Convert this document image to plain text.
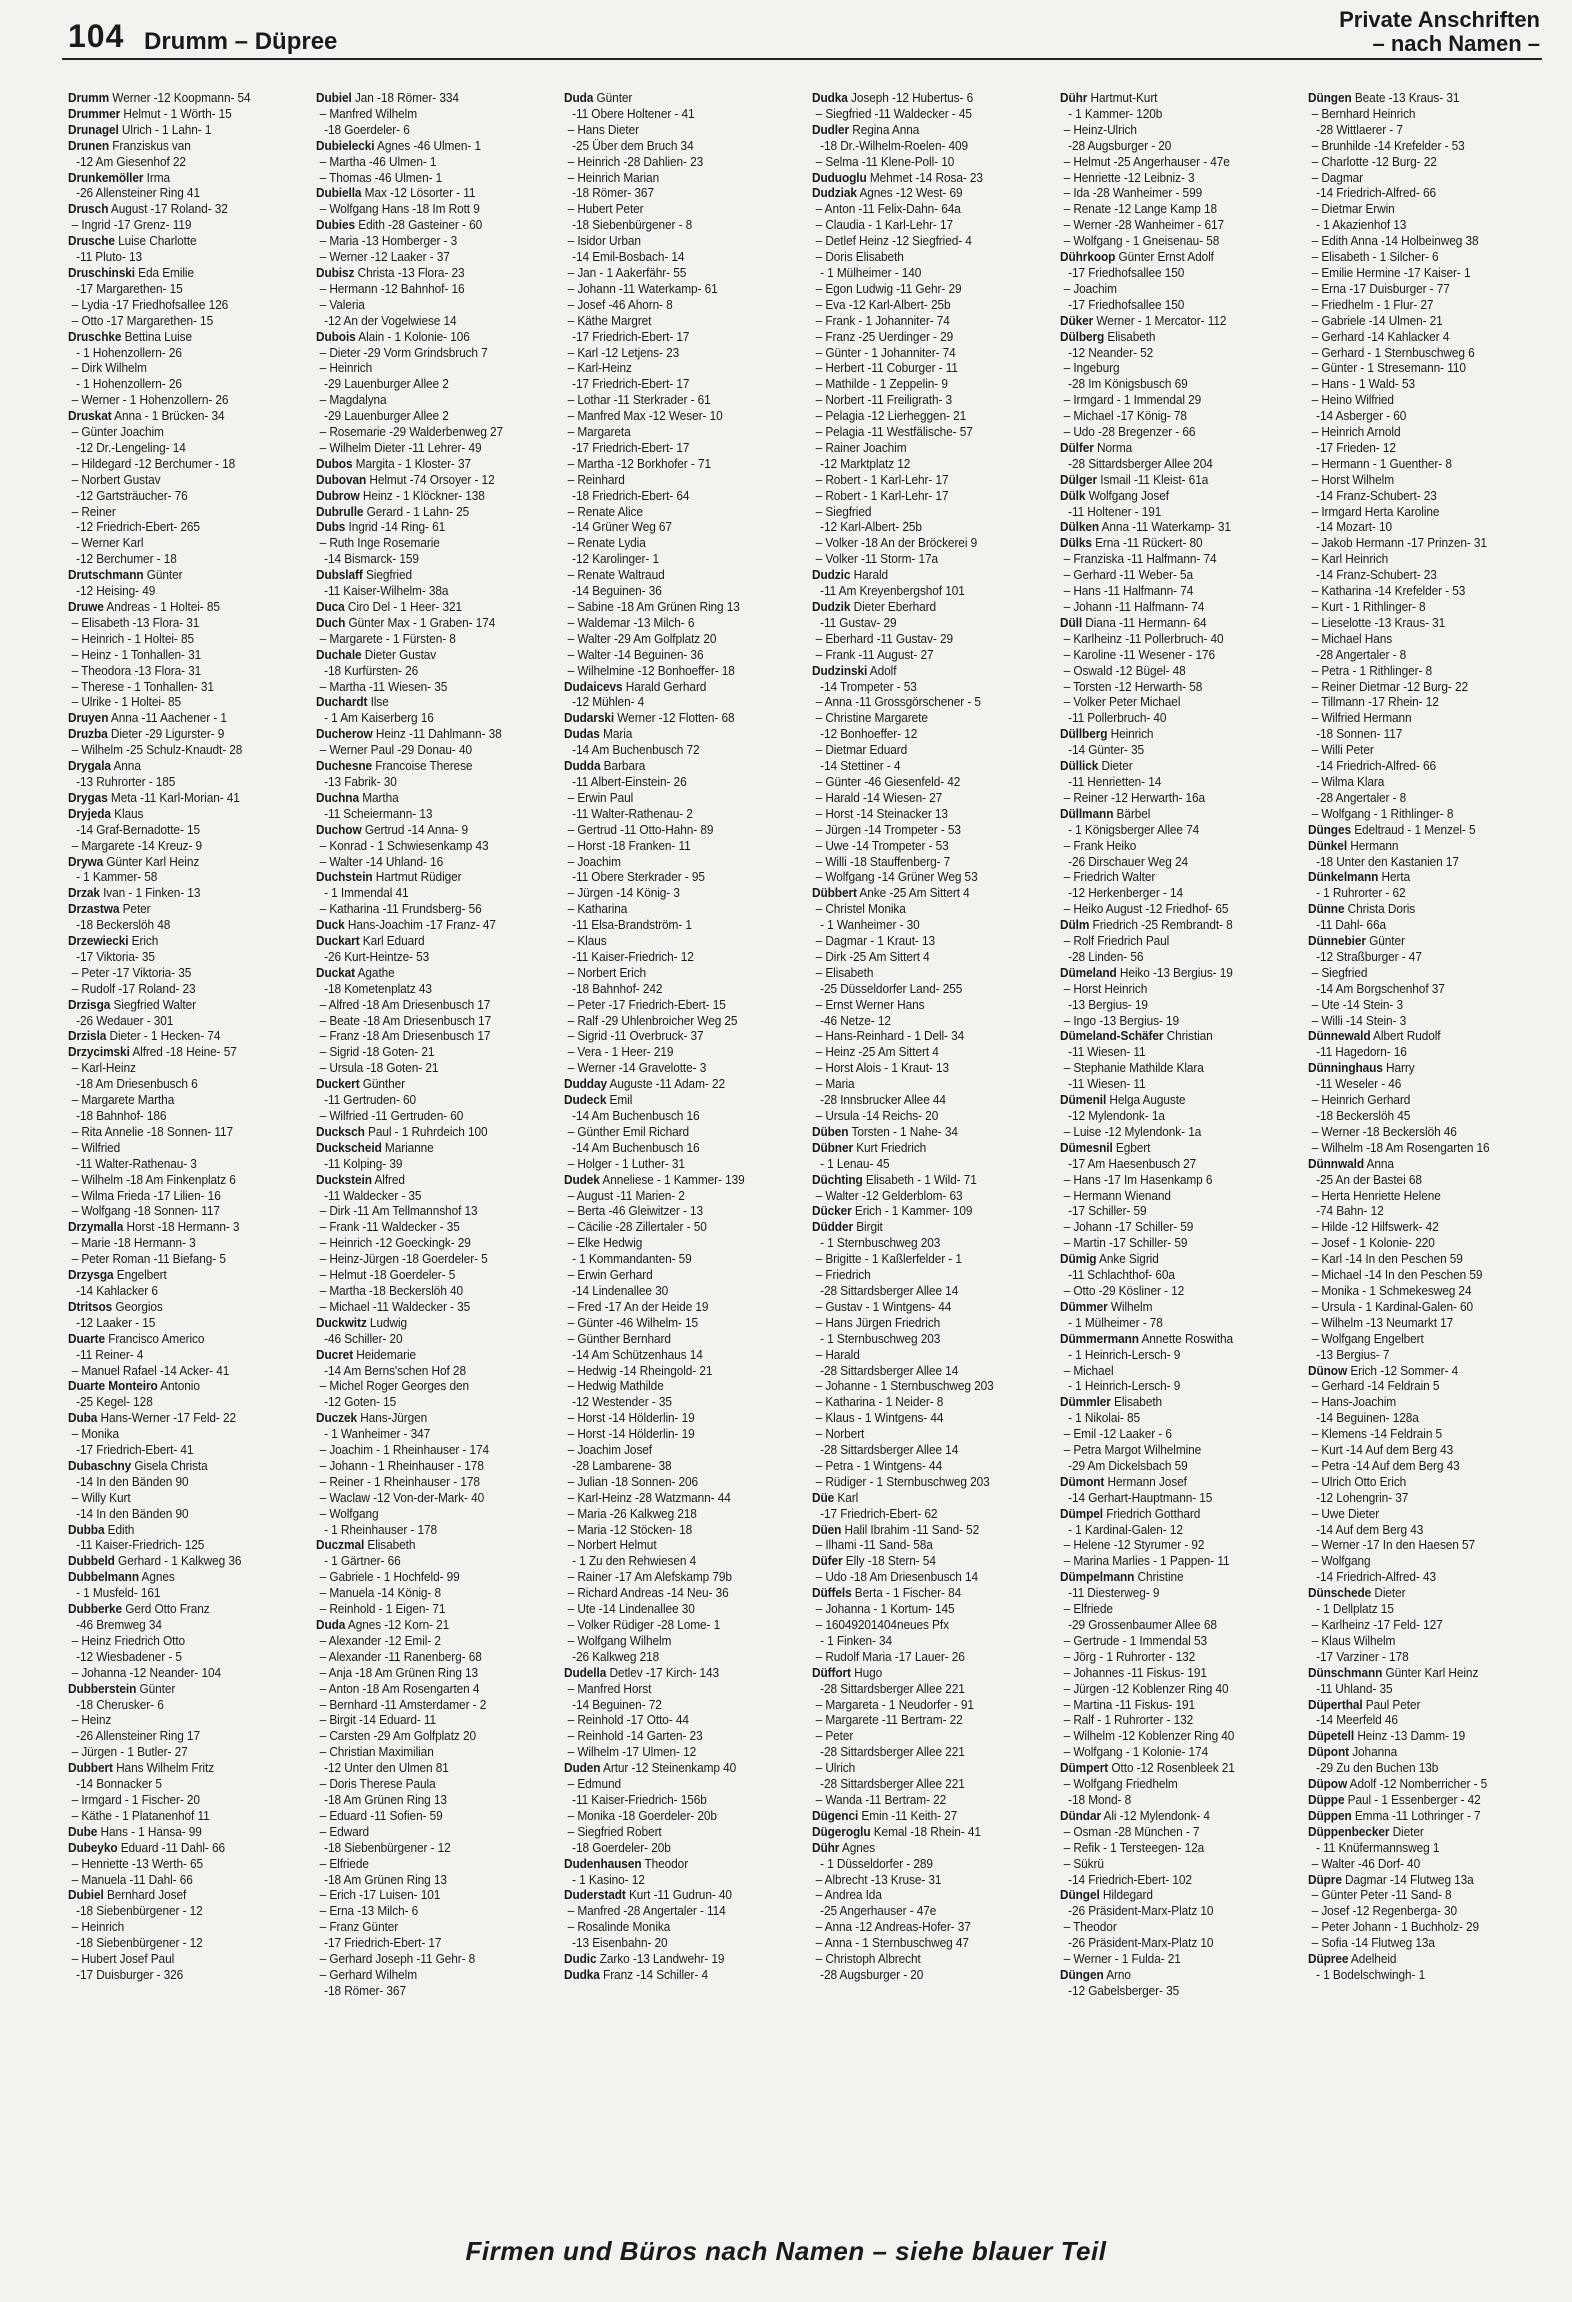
104 Drumm – Düpree
Private Anschriften
– nach Namen –
Drumm Werner -12 Koopmann- 54
Drummer Helmut - 1 Wörth- 15
Drunagel Ulrich - 1 Lahn- 1
Drunen Franziskus van
-12 Am Giesenhof 22
Drunkemöller Irma
-26 Allensteiner Ring 41
Drusch August -17 Roland- 32
– Ingrid -17 Grenz- 119
Drusche Luise Charlotte
-11 Pluto- 13
Druschinski Eda Emilie
-17 Margarethen- 15
– Lydia -17 Friedhofsallee 126
– Otto -17 Margarethen- 15
Druschke Bettina Luise
- 1 Hohenzollern- 26
– Dirk Wilhelm
- 1 Hohenzollern- 26
– Werner - 1 Hohenzollern- 26
Druskat Anna - 1 Brücken- 34
– Günter Joachim
-12 Dr.-Lengeling- 14
– Hildegard -12 Berchumer - 18
– Norbert Gustav
-12 Gartsträucher- 76
– Reiner
-12 Friedrich-Ebert- 265
– Werner Karl
-12 Berchumer - 18
Drutschmann Günter
-12 Heising- 49
Druwe Andreas - 1 Holtei- 85
– Elisabeth -13 Flora- 31
– Heinrich - 1 Holtei- 85
– Heinz - 1 Tonhallen- 31
– Theodora -13 Flora- 31
– Therese - 1 Tonhallen- 31
– Ulrike - 1 Holtei- 85
Druyen Anna -11 Aachener - 1
Druzba Dieter -29 Ligurster- 9
– Wilhelm -25 Schulz-Knaudt- 28
Drygala Anna
-13 Ruhrorter - 185
Drygas Meta -11 Karl-Morian- 41
Dryjeda Klaus
-14 Graf-Bernadotte- 15
– Margarete -14 Kreuz- 9
Drywa Günter Karl Heinz
- 1 Kammer- 58
Drzak Ivan - 1 Finken- 13
Drzastwa Peter
-18 Beckerslöh 48
Drzewiecki Erich
-17 Viktoria- 35
– Peter -17 Viktoria- 35
– Rudolf -17 Roland- 23
Drzisga Siegfried Walter
-26 Wedauer - 301
Drzisla Dieter - 1 Hecken- 74
Drzycimski Alfred -18 Heine- 57
– Karl-Heinz
-18 Am Driesenbusch 6
– Margarete Martha
-18 Bahnhof- 186
– Rita Annelie -18 Sonnen- 117
– Wilfried
-11 Walter-Rathenau- 3
– Wilhelm -18 Am Finkenplatz 6
– Wilma Frieda -17 Lilien- 16
– Wolfgang -18 Sonnen- 117
Drzymalla Horst -18 Hermann- 3
– Marie -18 Hermann- 3
– Peter Roman -11 Biefang- 5
Drzysga Engelbert
-14 Kahlacker 6
Dtritsos Georgios
-12 Laaker - 15
Duarte Francisco Americo
-11 Reiner- 4
– Manuel Rafael -14 Acker- 41
Duarte Monteiro Antonio
-25 Kegel- 128
Duba Hans-Werner -17 Feld- 22
– Monika
-17 Friedrich-Ebert- 41
Dubaschny Gisela Christa
-14 In den Bänden 90
– Willy Kurt
-14 In den Bänden 90
Dubba Edith
-11 Kaiser-Friedrich- 125
Dubbeld Gerhard - 1 Kalkweg 36
Dubbelmann Agnes
- 1 Musfeld- 161
Dubberke Gerd Otto Franz
-46 Bremweg 34
– Heinz Friedrich Otto
-12 Wiesbadener - 5
– Johanna -12 Neander- 104
Dubberstein Günter
-18 Cherusker- 6
– Heinz
-26 Allensteiner Ring 17
– Jürgen - 1 Butler- 27
Dubbert Hans Wilhelm Fritz
-14 Bonnacker 5
– Irmgard - 1 Fischer- 20
– Käthe - 1 Platanenhof 11
Dube Hans - 1 Hansa- 99
Dubeyko Eduard -11 Dahl- 66
– Henriette -13 Werth- 65
– Manuela -11 Dahl- 66
Dubiel Bernhard Josef
-18 Siebenbürgener - 12
– Heinrich
-18 Siebenbürgener - 12
– Hubert Josef Paul
-17 Duisburger - 326
Dubiel Jan -18 Römer- 334
– Manfred Wilhelm
-18 Goerdeler- 6
Dubielecki Agnes -46 Ulmen- 1
– Martha -46 Ulmen- 1
– Thomas -46 Ulmen- 1
Dubiella Max -12 Lösorter - 11
– Wolfgang Hans -18 Im Rott 9
Dubies Edith -28 Gasteiner - 60
– Maria -13 Homberger - 3
– Werner -12 Laaker - 37
Dubisz Christa -13 Flora- 23
– Hermann -12 Bahnhof- 16
– Valeria
-12 An der Vogelwiese 14
Dubois Alain - 1 Kolonie- 106
– Dieter -29 Vorm Grindsbruch 7
– Heinrich
-29 Lauenburger Allee 2
– Magdalyna
-29 Lauenburger Allee 2
– Rosemarie -29 Walderbenweg 27
– Wilhelm Dieter -11 Lehrer- 49
Dubos Margita - 1 Kloster- 37
Dubovan Helmut -74 Orsoyer - 12
Dubrow Heinz - 1 Klöckner- 138
Dubrulle Gerard - 1 Lahn- 25
Dubs Ingrid -14 Ring- 61
– Ruth Inge Rosemarie
-14 Bismarck- 159
Dubslaff Siegfried
-11 Kaiser-Wilhelm- 38a
Duca Ciro Del - 1 Heer- 321
Duch Günter Max - 1 Graben- 174
– Margarete - 1 Fürsten- 8
Duchale Dieter Gustav
-18 Kurfürsten- 26
– Martha -11 Wiesen- 35
Duchardt Ilse
- 1 Am Kaiserberg 16
Ducherow Heinz -11 Dahlmann- 38
– Werner Paul -29 Donau- 40
Duchesne Francoise Therese
-13 Fabrik- 30
Duchna Martha
-11 Scheiermann- 13
Duchow Gertrud -14 Anna- 9
– Konrad - 1 Schwiesenkamp 43
– Walter -14 Uhland- 16
Duchstein Hartmut Rüdiger
- 1 Immendal 41
– Katharina -11 Frundsberg- 56
Duck Hans-Joachim -17 Franz- 47
Duckart Karl Eduard
-26 Kurt-Heintze- 53
Duckat Agathe
-18 Kometenplatz 43
– Alfred -18 Am Driesenbusch 17
– Beate -18 Am Driesenbusch 17
– Franz -18 Am Driesenbusch 17
– Sigrid -18 Goten- 21
– Ursula -18 Goten- 21
Duckert Günther
-11 Gertruden- 60
– Wilfried -11 Gertruden- 60
Ducksch Paul - 1 Ruhrdeich 100
Duckscheid Marianne
-11 Kolping- 39
Duckstein Alfred
-11 Waldecker - 35
– Dirk -11 Am Tellmannshof 13
– Frank -11 Waldecker - 35
– Heinrich -12 Goeckingk- 29
– Heinz-Jürgen -18 Goerdeler- 5
– Helmut -18 Goerdeler- 5
– Martha -18 Beckerslöh 40
– Michael -11 Waldecker - 35
Duckwitz Ludwig
-46 Schiller- 20
Ducret Heidemarie
-14 Am Berns'schen Hof 28
– Michel Roger Georges den
-12 Goten- 15
Duczek Hans-Jürgen
- 1 Wanheimer - 347
– Joachim - 1 Rheinhauser - 174
– Johann - 1 Rheinhauser - 178
– Reiner - 1 Rheinhauser - 178
– Waclaw -12 Von-der-Mark- 40
– Wolfgang
- 1 Rheinhauser - 178
Duczmal Elisabeth
- 1 Gärtner- 66
– Gabriele - 1 Hochfeld- 99
– Manuela -14 König- 8
– Reinhold - 1 Eigen- 71
Duda Agnes -12 Korn- 21
– Alexander -12 Emil- 2
– Alexander -11 Ranenberg- 68
– Anja -18 Am Grünen Ring 13
– Anton -18 Am Rosengarten 4
– Bernhard -11 Amsterdamer - 2
– Birgit -14 Eduard- 11
– Carsten -29 Am Golfplatz 20
– Christian Maximilian
-12 Unter den Ulmen 81
– Doris Therese Paula
-18 Am Grünen Ring 13
– Eduard -11 Sofien- 59
– Edward
-18 Siebenbürgener - 12
– Elfriede
-18 Am Grünen Ring 13
– Erich -17 Luisen- 101
– Erna -13 Milch- 6
– Franz Günter
-17 Friedrich-Ebert- 17
– Gerhard Joseph -11 Gehr- 8
– Gerhard Wilhelm
-18 Römer- 367
Duda Günter
-11 Obere Holtener - 41
– Hans Dieter
-25 Über dem Bruch 34
– Heinrich -28 Dahlien- 23
– Heinrich Marian
-18 Römer- 367
– Hubert Peter
-18 Siebenbürgener - 8
– Isidor Urban
-14 Emil-Bosbach- 14
– Jan - 1 Aakerfähr- 55
– Johann -11 Waterkamp- 61
– Josef -46 Ahorn- 8
– Käthe Margret
-17 Friedrich-Ebert- 17
– Karl -12 Letjens- 23
– Karl-Heinz
-17 Friedrich-Ebert- 17
– Lothar -11 Sterkrader - 61
– Manfred Max -12 Weser- 10
– Margareta
-17 Friedrich-Ebert- 17
– Martha -12 Borkhofer - 71
– Reinhard
-18 Friedrich-Ebert- 64
– Renate Alice
-14 Grüner Weg 67
– Renate Lydia
-12 Karolinger- 1
– Renate Waltraud
-14 Beguinen- 36
– Sabine -18 Am Grünen Ring 13
– Waldemar -13 Milch- 6
– Walter -29 Am Golfplatz 20
– Walter -14 Beguinen- 36
– Wilhelmine -12 Bonhoeffer- 18
Dudaicevs Harald Gerhard
-12 Mühlen- 4
Dudarski Werner -12 Flotten- 68
Dudas Maria
-14 Am Buchenbusch 72
Dudda Barbara
-11 Albert-Einstein- 26
– Erwin Paul
-11 Walter-Rathenau- 2
– Gertrud -11 Otto-Hahn- 89
– Horst -18 Franken- 11
– Joachim
-11 Obere Sterkrader - 95
– Jürgen -14 König- 3
– Katharina
-11 Elsa-Brandström- 1
– Klaus
-11 Kaiser-Friedrich- 12
– Norbert Erich
-18 Bahnhof- 242
– Peter -17 Friedrich-Ebert- 15
– Ralf -29 Uhlenbroicher Weg 25
– Sigrid -11 Overbruck- 37
– Vera - 1 Heer- 219
– Werner -14 Gravelotte- 3
Dudday Auguste -11 Adam- 22
Dudeck Emil
-14 Am Buchenbusch 16
– Günther Emil Richard
-14 Am Buchenbusch 16
– Holger - 1 Luther- 31
Dudek Anneliese - 1 Kammer- 139
– August -11 Marien- 2
– Berta -46 Gleiwitzer - 13
– Cäcilie -28 Zillertaler - 50
– Elke Hedwig
- 1 Kommandanten- 59
– Erwin Gerhard
-14 Lindenallee 30
– Fred -17 An der Heide 19
– Günter -46 Wilhelm- 15
– Günther Bernhard
-14 Am Schützenhaus 14
– Hedwig -14 Rheingold- 21
– Hedwig Mathilde
-12 Westender - 35
– Horst -14 Hölderlin- 19
– Horst -14 Hölderlin- 19
– Joachim Josef
-28 Lambarene- 38
– Julian -18 Sonnen- 206
– Karl-Heinz -28 Watzmann- 44
– Maria -26 Kalkweg 218
– Maria -12 Stöcken- 18
– Norbert Helmut
- 1 Zu den Rehwiesen 4
– Rainer -17 Am Alefskamp 79b
– Richard Andreas -14 Neu- 36
– Ute -14 Lindenallee 30
– Volker Rüdiger -28 Lome- 1
– Wolfgang Wilhelm
-26 Kalkweg 218
Dudella Detlev -17 Kirch- 143
– Manfred Horst
-14 Beguinen- 72
– Reinhold -17 Otto- 44
– Reinhold -14 Garten- 23
– Wilhelm -17 Ulmen- 12
Duden Artur -12 Steinenkamp 40
– Edmund
-11 Kaiser-Friedrich- 156b
– Monika -18 Goerdeler- 20b
– Siegfried Robert
-18 Goerdeler- 20b
Dudenhausen Theodor
- 1 Kasino- 12
Duderstadt Kurt -11 Gudrun- 40
– Manfred -28 Angertaler - 114
– Rosalinde Monika
-13 Eisenbahn- 20
Dudic Zarko -13 Landwehr- 19
Dudka Franz -14 Schiller- 4
Dudka Joseph -12 Hubertus- 6
– Siegfried -11 Waldecker - 45
Dudler Regina Anna
-18 Dr.-Wilhelm-Roelen- 409
– Selma -11 Klene-Poll- 10
Duduoglu Mehmet -14 Rosa- 23
Dudziak Agnes -12 West- 69
– Anton -11 Felix-Dahn- 64a
– Claudia - 1 Karl-Lehr- 17
– Detlef Heinz -12 Siegfried- 4
– Doris Elisabeth
- 1 Mülheimer - 140
– Egon Ludwig -11 Gehr- 29
– Eva -12 Karl-Albert- 25b
– Frank - 1 Johanniter- 74
– Franz -25 Uerdinger - 29
– Günter - 1 Johanniter- 74
– Herbert -11 Coburger - 11
– Mathilde - 1 Zeppelin- 9
– Norbert -11 Freiligrath- 3
– Pelagia -12 Lierheggen- 21
– Pelagia -11 Westfälische- 57
– Rainer Joachim
-12 Marktplatz 12
– Robert - 1 Karl-Lehr- 17
– Robert - 1 Karl-Lehr- 17
– Siegfried
-12 Karl-Albert- 25b
– Volker -18 An der Bröckerei 9
– Volker -11 Storm- 17a
Dudzic Harald
-11 Am Kreyenbergshof 101
Dudzik Dieter Eberhard
-11 Gustav- 29
– Eberhard -11 Gustav- 29
– Frank -11 August- 27
Dudzinski Adolf
-14 Trompeter - 53
– Anna -11 Grossgörschener - 5
– Christine Margarete
-12 Bonhoeffer- 12
– Dietmar Eduard
-14 Stettiner - 4
– Günter -46 Giesenfeld- 42
– Harald -14 Wiesen- 27
– Horst -14 Steinacker 13
– Jürgen -14 Trompeter - 53
– Uwe -14 Trompeter - 53
– Willi -18 Stauffenberg- 7
– Wolfgang -14 Grüner Weg 53
Dübbert Anke -25 Am Sittert 4
– Christel Monika
- 1 Wanheimer - 30
– Dagmar - 1 Kraut- 13
– Dirk -25 Am Sittert 4
– Elisabeth
-25 Düsseldorfer Land- 255
– Ernst Werner Hans
-46 Netze- 12
– Hans-Reinhard - 1 Dell- 34
– Heinz -25 Am Sittert 4
– Horst Alois - 1 Kraut- 13
– Maria
-28 Innsbrucker Allee 44
– Ursula -14 Reichs- 20
Düben Torsten - 1 Nahe- 34
Dübner Kurt Friedrich
- 1 Lenau- 45
Düchting Elisabeth - 1 Wild- 71
– Walter -12 Gelderblom- 63
Dücker Erich - 1 Kammer- 109
Düdder Birgit
- 1 Sternbuschweg 203
– Brigitte - 1 Kaßlerfelder - 1
– Friedrich
-28 Sittardsberger Allee 14
– Gustav - 1 Wintgens- 44
– Hans Jürgen Friedrich
- 1 Sternbuschweg 203
– Harald
-28 Sittardsberger Allee 14
– Johanne - 1 Sternbuschweg 203
– Katharina - 1 Neider- 8
– Klaus - 1 Wintgens- 44
– Norbert
-28 Sittardsberger Allee 14
– Petra - 1 Wintgens- 44
– Rüdiger - 1 Sternbuschweg 203
Düe Karl
-17 Friedrich-Ebert- 62
Düen Halil Ibrahim -11 Sand- 52
– Ilhami -11 Sand- 58a
Düfer Elly -18 Stern- 54
– Udo -18 Am Driesenbusch 14
Düffels Berta - 1 Fischer- 84
– Johanna - 1 Kortum- 145
– 16049201404neues Pfx
- 1 Finken- 34
– Rudolf Maria -17 Lauer- 26
Düffort Hugo
-28 Sittardsberger Allee 221
– Margareta - 1 Neudorfer - 91
– Margarete -11 Bertram- 22
– Peter
-28 Sittardsberger Allee 221
– Ulrich
-28 Sittardsberger Allee 221
– Wanda -11 Bertram- 22
Dügenci Emin -11 Keith- 27
Dügeroglu Kemal -18 Rhein- 41
Dühr Agnes
- 1 Düsseldorfer - 289
– Albrecht -13 Kruse- 31
– Andrea Ida
-25 Angerhauser - 47e
– Anna -12 Andreas-Hofer- 37
– Anna - 1 Sternbuschweg 47
– Christoph Albrecht
-28 Augsburger - 20
Dühr Hartmut-Kurt
- 1 Kammer- 120b
– Heinz-Ulrich
-28 Augsburger - 20
– Helmut -25 Angerhauser - 47e
– Henriette -12 Leibniz- 3
– Ida -28 Wanheimer - 599
– Renate -12 Lange Kamp 18
– Werner -28 Wanheimer - 617
– Wolfgang - 1 Gneisenau- 58
Dührkoop Günter Ernst Adolf
-17 Friedhofsallee 150
– Joachim
-17 Friedhofsallee 150
Düker Werner - 1 Mercator- 112
Dülberg Elisabeth
-12 Neander- 52
– Ingeburg
-28 Im Königsbusch 69
– Irmgard - 1 Immendal 29
– Michael -17 König- 78
– Udo -28 Bregenzer - 66
Dülfer Norma
-28 Sittardsberger Allee 204
Dülger Ismail -11 Kleist- 61a
Dülk Wolfgang Josef
-11 Holtener - 191
Dülken Anna -11 Waterkamp- 31
Dülks Erna -11 Rückert- 80
– Franziska -11 Halfmann- 74
– Gerhard -11 Weber- 5a
– Hans -11 Halfmann- 74
– Johann -11 Halfmann- 74
Düll Diana -11 Hermann- 64
– Karlheinz -11 Pollerbruch- 40
– Karoline -11 Wesener - 176
– Oswald -12 Bügel- 48
– Torsten -12 Herwarth- 58
– Volker Peter Michael
-11 Pollerbruch- 40
Düllberg Heinrich
-14 Günter- 35
Düllick Dieter
-11 Henrietten- 14
– Reiner -12 Herwarth- 16a
Düllmann Bärbel
- 1 Königsberger Allee 74
– Frank Heiko
-26 Dirschauer Weg 24
– Friedrich Walter
-12 Herkenberger - 14
– Heiko August -12 Friedhof- 65
Dülm Friedrich -25 Rembrandt- 8
– Rolf Friedrich Paul
-28 Linden- 56
Dümeland Heiko -13 Bergius- 19
– Horst Heinrich
-13 Bergius- 19
– Ingo -13 Bergius- 19
Dümeland-Schäfer Christian
-11 Wiesen- 11
– Stephanie Mathilde Klara
-11 Wiesen- 11
Dümenil Helga Auguste
-12 Mylendonk- 1a
– Luise -12 Mylendonk- 1a
Dümesnil Egbert
-17 Am Haesenbusch 27
– Hans -17 Im Hasenkamp 6
– Hermann Wienand
-17 Schiller- 59
– Johann -17 Schiller- 59
– Martin -17 Schiller- 59
Dümig Anke Sigrid
-11 Schlachthof- 60a
– Otto -29 Kösliner - 12
Dümmer Wilhelm
- 1 Mülheimer - 78
Dümmermann Annette Roswitha
- 1 Heinrich-Lersch- 9
– Michael
- 1 Heinrich-Lersch- 9
Dümmler Elisabeth
- 1 Nikolai- 85
– Emil -12 Laaker - 6
– Petra Margot Wilhelmine
-29 Am Dickelsbach 59
Dümont Hermann Josef
-14 Gerhart-Hauptmann- 15
Dümpel Friedrich Gotthard
- 1 Kardinal-Galen- 12
– Helene -12 Styrumer - 92
– Marina Marlies - 1 Pappen- 11
Dümpelmann Christine
-11 Diesterweg- 9
– Elfriede
-29 Grossenbaumer Allee 68
– Gertrude - 1 Immendal 53
– Jörg - 1 Ruhrorter - 132
– Johannes -11 Fiskus- 191
– Jürgen -12 Koblenzer Ring 40
– Martina -11 Fiskus- 191
– Ralf - 1 Ruhrorter - 132
– Wilhelm -12 Koblenzer Ring 40
– Wolfgang - 1 Kolonie- 174
Dümpert Otto -12 Rosenbleek 21
– Wolfgang Friedhelm
-18 Mond- 8
Dündar Ali -12 Mylendonk- 4
– Osman -28 München - 7
– Refik - 1 Tersteegen- 12a
– Sükrü
-14 Friedrich-Ebert- 102
Düngel Hildegard
-26 Präsident-Marx-Platz 10
– Theodor
-26 Präsident-Marx-Platz 10
– Werner - 1 Fulda- 21
Düngen Arno
-12 Gabelsberger- 35
Düngen Beate -13 Kraus- 31
– Bernhard Heinrich
-28 Wittlaerer - 7
– Brunhilde -14 Krefelder - 53
– Charlotte -12 Burg- 22
– Dagmar
-14 Friedrich-Alfred- 66
– Dietmar Erwin
- 1 Akazienhof 13
– Edith Anna -14 Holbeinweg 38
– Elisabeth - 1 Silcher- 6
– Emilie Hermine -17 Kaiser- 1
– Erna -17 Duisburger - 77
– Friedhelm - 1 Flur- 27
– Gabriele -14 Ulmen- 21
– Gerhard -14 Kahlacker 4
– Gerhard - 1 Sternbuschweg 6
– Günter - 1 Stresemann- 110
– Hans - 1 Wald- 53
– Heino Wilfried
-14 Asberger - 60
– Heinrich Arnold
-17 Frieden- 12
– Hermann - 1 Guenther- 8
– Horst Wilhelm
-14 Franz-Schubert- 23
– Irmgard Herta Karoline
-14 Mozart- 10
– Jakob Hermann -17 Prinzen- 31
– Karl Heinrich
-14 Franz-Schubert- 23
– Katharina -14 Krefelder - 53
– Kurt - 1 Rithlinger- 8
– Lieselotte -13 Kraus- 31
– Michael Hans
-28 Angertaler - 8
– Petra - 1 Rithlinger- 8
– Reiner Dietmar -12 Burg- 22
– Tillmann -17 Rhein- 12
– Wilfried Hermann
-18 Sonnen- 117
– Willi Peter
-14 Friedrich-Alfred- 66
– Wilma Klara
-28 Angertaler - 8
– Wolfgang - 1 Rithlinger- 8
Dünges Edeltraud - 1 Menzel- 5
Dünkel Hermann
-18 Unter den Kastanien 17
Dünkelmann Herta
- 1 Ruhrorter - 62
Dünne Christa Doris
-11 Dahl- 66a
Dünnebier Günter
-12 Straßburger - 47
– Siegfried
-14 Am Borgschenhof 37
– Ute -14 Stein- 3
– Willi -14 Stein- 3
Dünnewald Albert Rudolf
-11 Hagedorn- 16
Dünninghaus Harry
-11 Weseler - 46
– Heinrich Gerhard
-18 Beckerslöh 45
– Werner -18 Beckerslöh 46
– Wilhelm -18 Am Rosengarten 16
Dünnwald Anna
-25 An der Bastei 68
– Herta Henriette Helene
-74 Bahn- 12
– Hilde -12 Hilfswerk- 42
– Josef - 1 Kolonie- 220
– Karl -14 In den Peschen 59
– Michael -14 In den Peschen 59
– Monika - 1 Schmekesweg 24
– Ursula - 1 Kardinal-Galen- 60
– Wilhelm -13 Neumarkt 17
– Wolfgang Engelbert
-13 Bergius- 7
Dünow Erich -12 Sommer- 4
– Gerhard -14 Feldrain 5
– Hans-Joachim
-14 Beguinen- 128a
– Klemens -14 Feldrain 5
– Kurt -14 Auf dem Berg 43
– Petra -14 Auf dem Berg 43
– Ulrich Otto Erich
-12 Lohengrin- 37
– Uwe Dieter
-14 Auf dem Berg 43
– Werner -17 In den Haesen 57
– Wolfgang
-14 Friedrich-Alfred- 43
Dünschede Dieter
- 1 Dellplatz 15
– Karlheinz -17 Feld- 127
– Klaus Wilhelm
-17 Varziner - 178
Dünschmann Günter Karl Heinz
-11 Uhland- 35
Düperthal Paul Peter
-14 Meerfeld 46
Düpetell Heinz -13 Damm- 19
Düpont Johanna
-29 Zu den Buchen 13b
Düpow Adolf -12 Nomberricher - 5
Düppe Paul - 1 Essenberger - 42
Düppen Emma -11 Lothringer - 7
Düppenbecker Dieter
- 11 Knüfermannsweg 1
– Walter -46 Dorf- 40
Düpre Dagmar -14 Flutweg 13a
– Günter Peter -11 Sand- 8
– Josef -12 Regenberga- 30
– Peter Johann - 1 Buchholz- 29
– Sofia -14 Flutweg 13a
Düpree Adelheid
- 1 Bodelschwingh- 1
Firmen und Büros nach Namen – siehe blauer Teil
